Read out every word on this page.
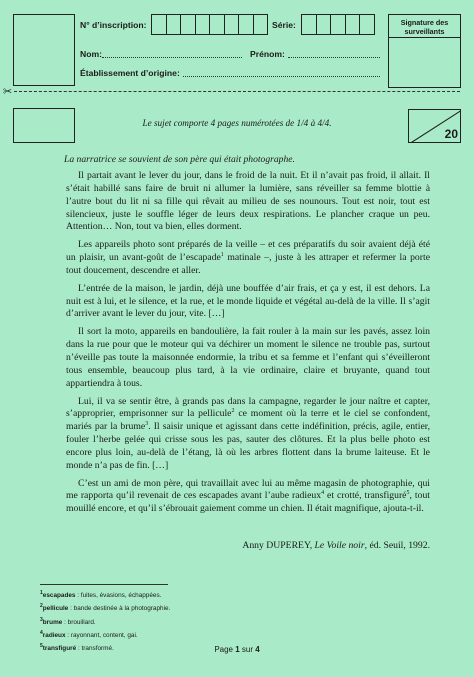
N° d’inscription:	Série:	Signature des surveillants
Nom:	Prénom:
Établissement d’origine:
✂
20
Le sujet comporte 4 pages numérotées de 1/4 à 4/4.
La narratrice se souvient de son père qui était photographe.

Il partait avant le lever du jour, dans le froid de la nuit. Et il n’avait pas froid, il allait. Il s’était habillé sans faire de bruit ni allumer la lumière, sans réveiller sa femme blottie à l’autre bout du lit ni sa fille qui rêvait au milieu de ses nounours. Tout est noir, tout est silencieux, juste le souffle léger de leurs deux respirations. Le plancher craque un peu. Attention… Non, tout va bien, elles dorment.

Les appareils photo sont préparés de la veille – et ces préparatifs du soir avaient déjà été un plaisir, un avant-goût de l’escapade$^1$ matinale –, juste à les attraper et refermer la porte tout doucement, descendre et aller.

L’entrée de la maison, le jardin, déjà une bouffée d’air frais, et ça y est, il est dehors. La nuit est à lui, et le silence, et la rue, et le monde liquide et végétal au-delà de la ville. Il s’agit d’arriver avant le lever du jour, vite. […]

Il sort la moto, appareils en bandoulière, la fait rouler à la main sur les pavés, assez loin dans la rue pour que le moteur qui va déchirer un moment le silence ne trouble pas, surtout n’éveille pas toute la maisonnée endormie, la tribu et sa femme et l’enfant qui s’éveilleront tous ensemble, beaucoup plus tard, à la vie ordinaire, claire et bruyante, quand tout appartiendra à tous.

Lui, il va se sentir être, à grands pas dans la campagne, regarder le jour naître et capter, s’approprier, emprisonner sur la pellicule$^2$ ce moment où la terre et le ciel se confondent, mariés par la brume$^3$. Il saisir unique et agissant dans cette indéfinition, précis, agile, entier, fouler l’herbe gelée qui crisse sous les pas, sauter des clôtures. Et la plus belle photo est encore plus loin, au-delà de l’étang, là où les arbres flottent dans la brume laiteuse. Et le monde n’a pas de fin. […]

C’est un ami de mon père, qui travaillait avec lui au même magasin de photographie, qui me rapporta qu’il revenait de ces escapades avant l’aube radieux$^4$ et crotté, transfiguré$^5$, tout mouillé encore, et qu’il s’ébrouait gaiement comme un chien. Il était magnifique, ajouta-t-il.

Anny DUPEREY, Le Voile noir, éd. Seuil, 1992.
$^1$escapades : fuites, évasions, échappées.
$^2$pellicule : bande destinée à la photographie.
$^3$brume : brouillard.
$^4$radieux : rayonnant, content, gai.
$^5$transfiguré : transformé.	Page 1 sur 4
